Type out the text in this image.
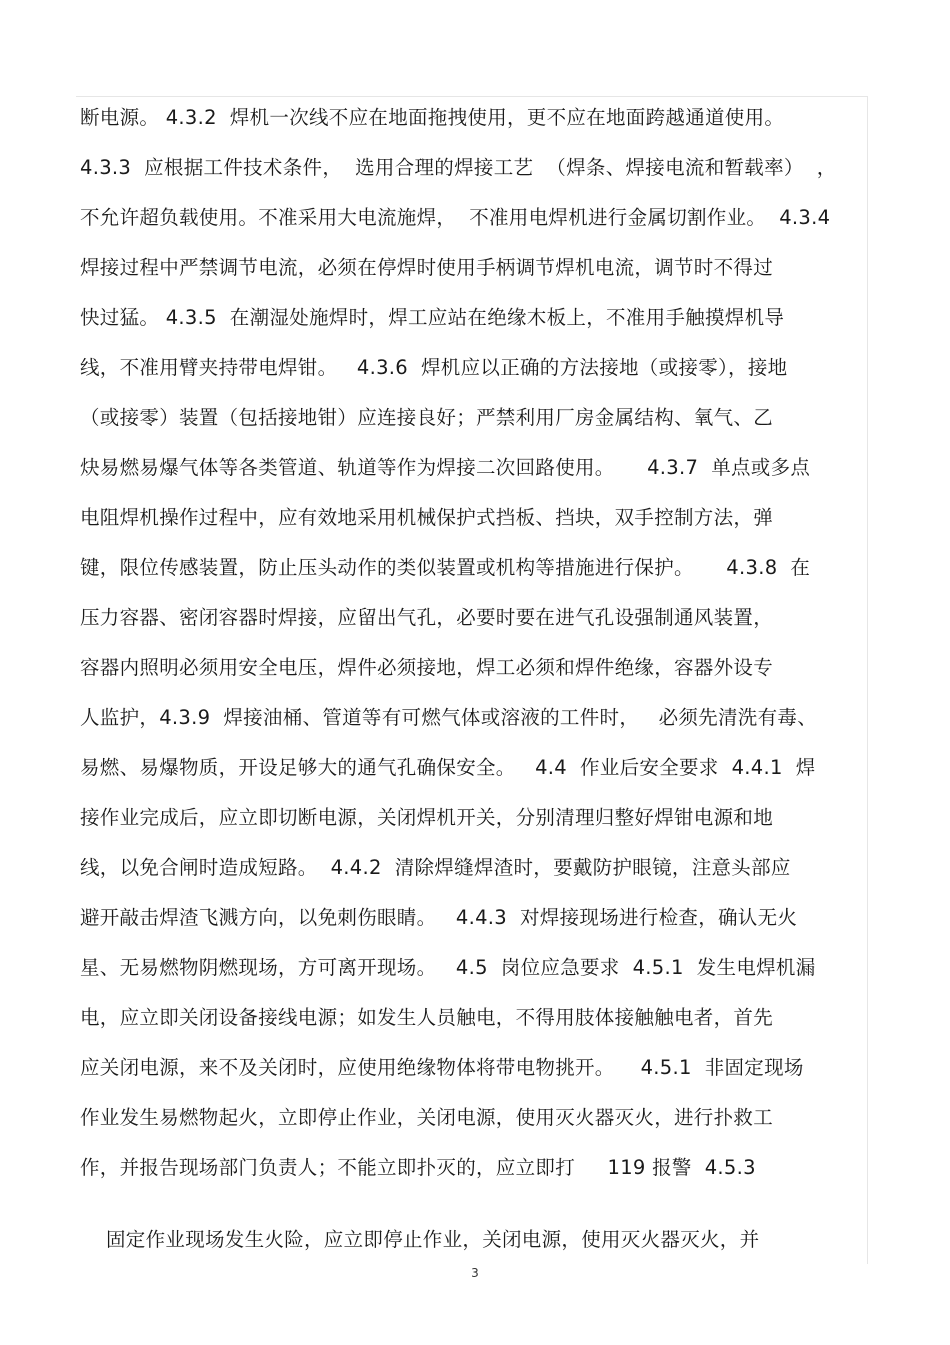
断电源。 4.3.2  焊机一次线不应在地面拖拽使用，更不应在地面跨越通道使用。
4.3.3  应根据工件技术条件，  选用合理的焊接工艺  （焊条、焊接电流和暂载率）  ，
不允许超负载使用。不准采用大电流施焊，  不准用电焊机进行金属切割作业。  4.3.4
焊接过程中严禁调节电流，必须在停焊时使用手柄调节焊机电流，调节时不得过
快过猛。 4.3.5  在潮湿处施焊时，焊工应站在绝缘木板上，不准用手触摸焊机导
线，不准用臂夹持带电焊钳。   4.3.6  焊机应以正确的方法接地（或接零），接地
（或接零）装置（包括接地钳）应连接良好；严禁利用厂房金属结构、氧气、乙
炔易燃易爆气体等各类管道、轨道等作为焊接二次回路使用。     4.3.7  单点或多点
电阻焊机操作过程中，应有效地采用机械保护式挡板、挡块，双手控制方法，弹
键，限位传感装置，防止压头动作的类似装置或机构等措施进行保护。     4.3.8  在
压力容器、密闭容器时焊接，应留出气孔，必要时要在进气孔设强制通风装置，
容器内照明必须用安全电压，焊件必须接地，焊工必须和焊件绝缘，容器外设专
人监护，4.3.9  焊接油桶、管道等有可燃气体或溶液的工件时，   必须先清洗有毒、
易燃、易爆物质，开设足够大的通气孔确保安全。   4.4  作业后安全要求  4.4.1  焊
接作业完成后，应立即切断电源，关闭焊机开关，分别清理归整好焊钳电源和地
线，以免合闸时造成短路。  4.4.2  清除焊缝焊渣时，要戴防护眼镜，注意头部应
避开敲击焊渣飞溅方向，以免刺伤眼睛。   4.4.3  对焊接现场进行检查，确认无火
星、无易燃物阴燃现场，方可离开现场。   4.5  岗位应急要求  4.5.1  发生电焊机漏
电，应立即关闭设备接线电源；如发生人员触电，不得用肢体接触触电者，首先
应关闭电源，来不及关闭时，应使用绝缘物体将带电物挑开。    4.5.1  非固定现场
作业发生易燃物起火，立即停止作业，关闭电源，使用灭火器灭火，进行扑救工
作，并报告现场部门负责人；不能立即扑灭的，应立即打     119 报警  4.5.3
固定作业现场发生火险，应立即停止作业，关闭电源，使用灭火器灭火，并
3
